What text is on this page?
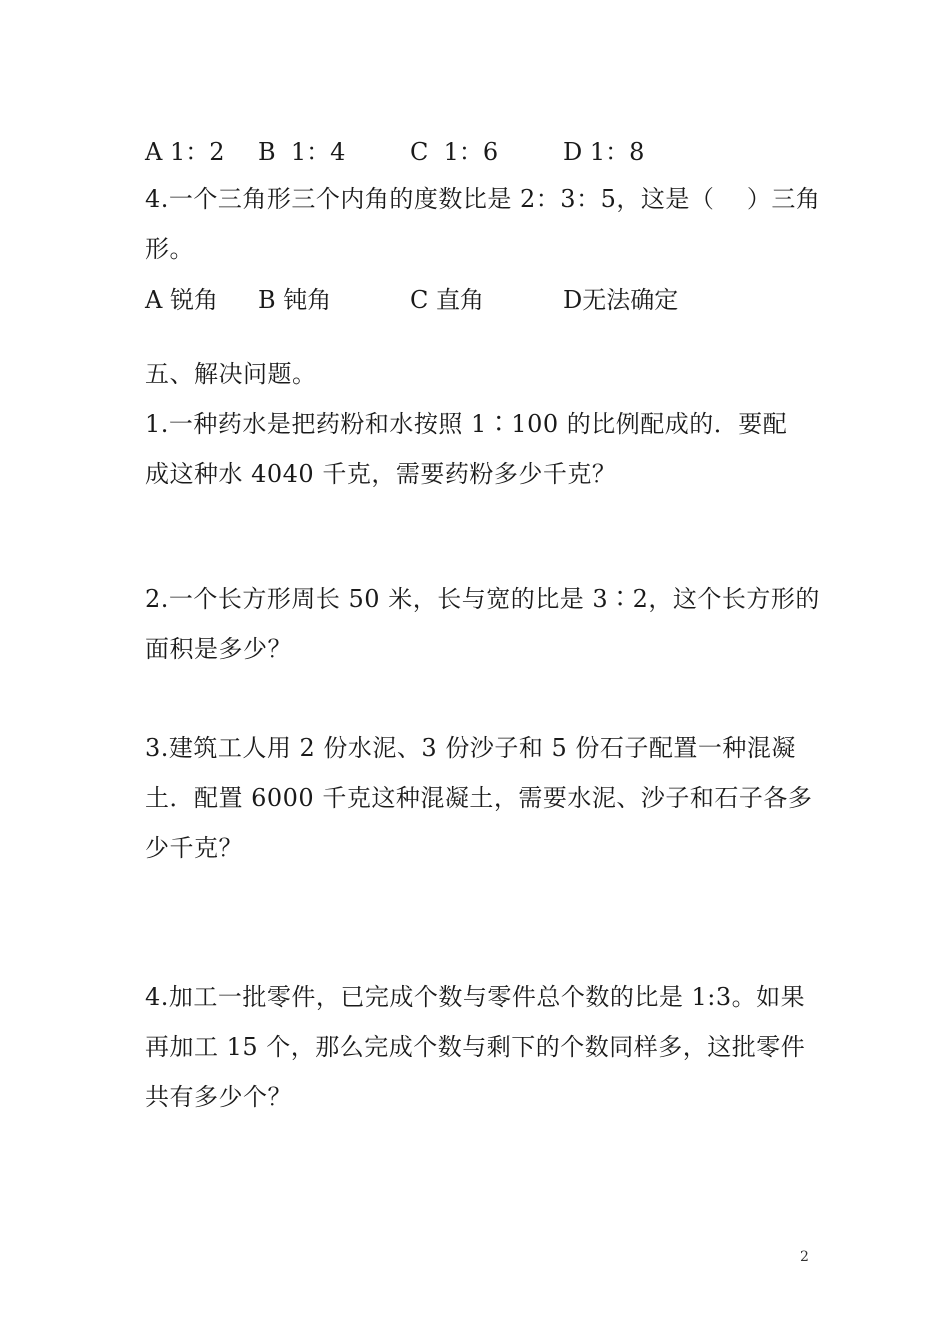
A 1：2 B  1：4	C  1：6	D 1：8
4.一个三角形三个内角的度数比是 2：3：5，这是（    ）三角
形。
A 锐角 B 钝角	C 直角	D无法确定
五、解决问题。
1.一种药水是把药粉和水按照 1∶100 的比例配成的．要配
成这种水 4040 千克，需要药粉多少千克？
2.一个长方形周长 50 米，长与宽的比是 3∶2，这个长方形的
面积是多少？
3.建筑工人用 2 份水泥、3 份沙子和 5 份石子配置一种混凝
土．配置 6000 千克这种混凝土，需要水泥、沙子和石子各多
少千克？
4.加工一批零件，已完成个数与零件总个数的比是 1:3。如果
再加工 15 个，那么完成个数与剩下的个数同样多，这批零件
共有多少个？
2
